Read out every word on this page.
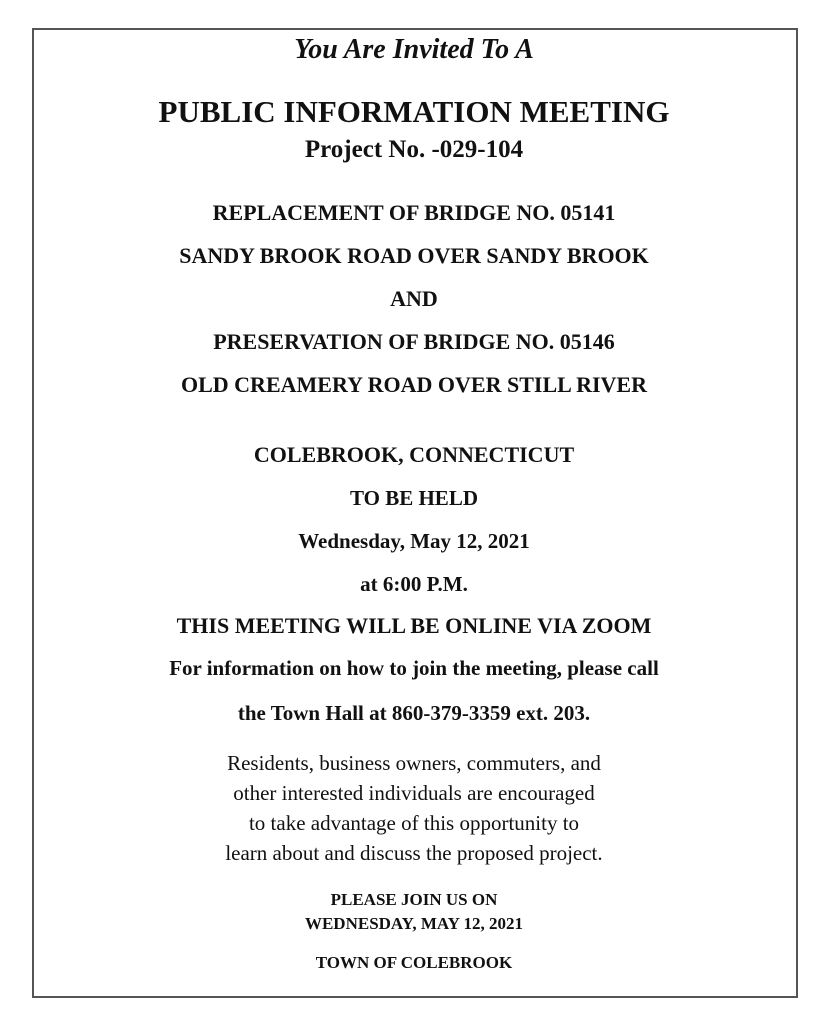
You Are Invited To A
PUBLIC INFORMATION MEETING
Project No. -029-104
REPLACEMENT OF BRIDGE NO. 05141
SANDY BROOK ROAD OVER SANDY BROOK
AND
PRESERVATION OF BRIDGE NO. 05146
OLD CREAMERY ROAD OVER STILL RIVER
COLEBROOK, CONNECTICUT
TO BE HELD
Wednesday, May 12, 2021
at 6:00 P.M.
THIS MEETING WILL BE ONLINE VIA ZOOM
For information on how to join the meeting, please call
the Town Hall at 860-379-3359 ext. 203.
Residents, business owners, commuters, and
other interested individuals are encouraged
to take advantage of this opportunity to
learn about and discuss the proposed project.
PLEASE JOIN US ON
WEDNESDAY, MAY 12, 2021
TOWN OF COLEBROOK
